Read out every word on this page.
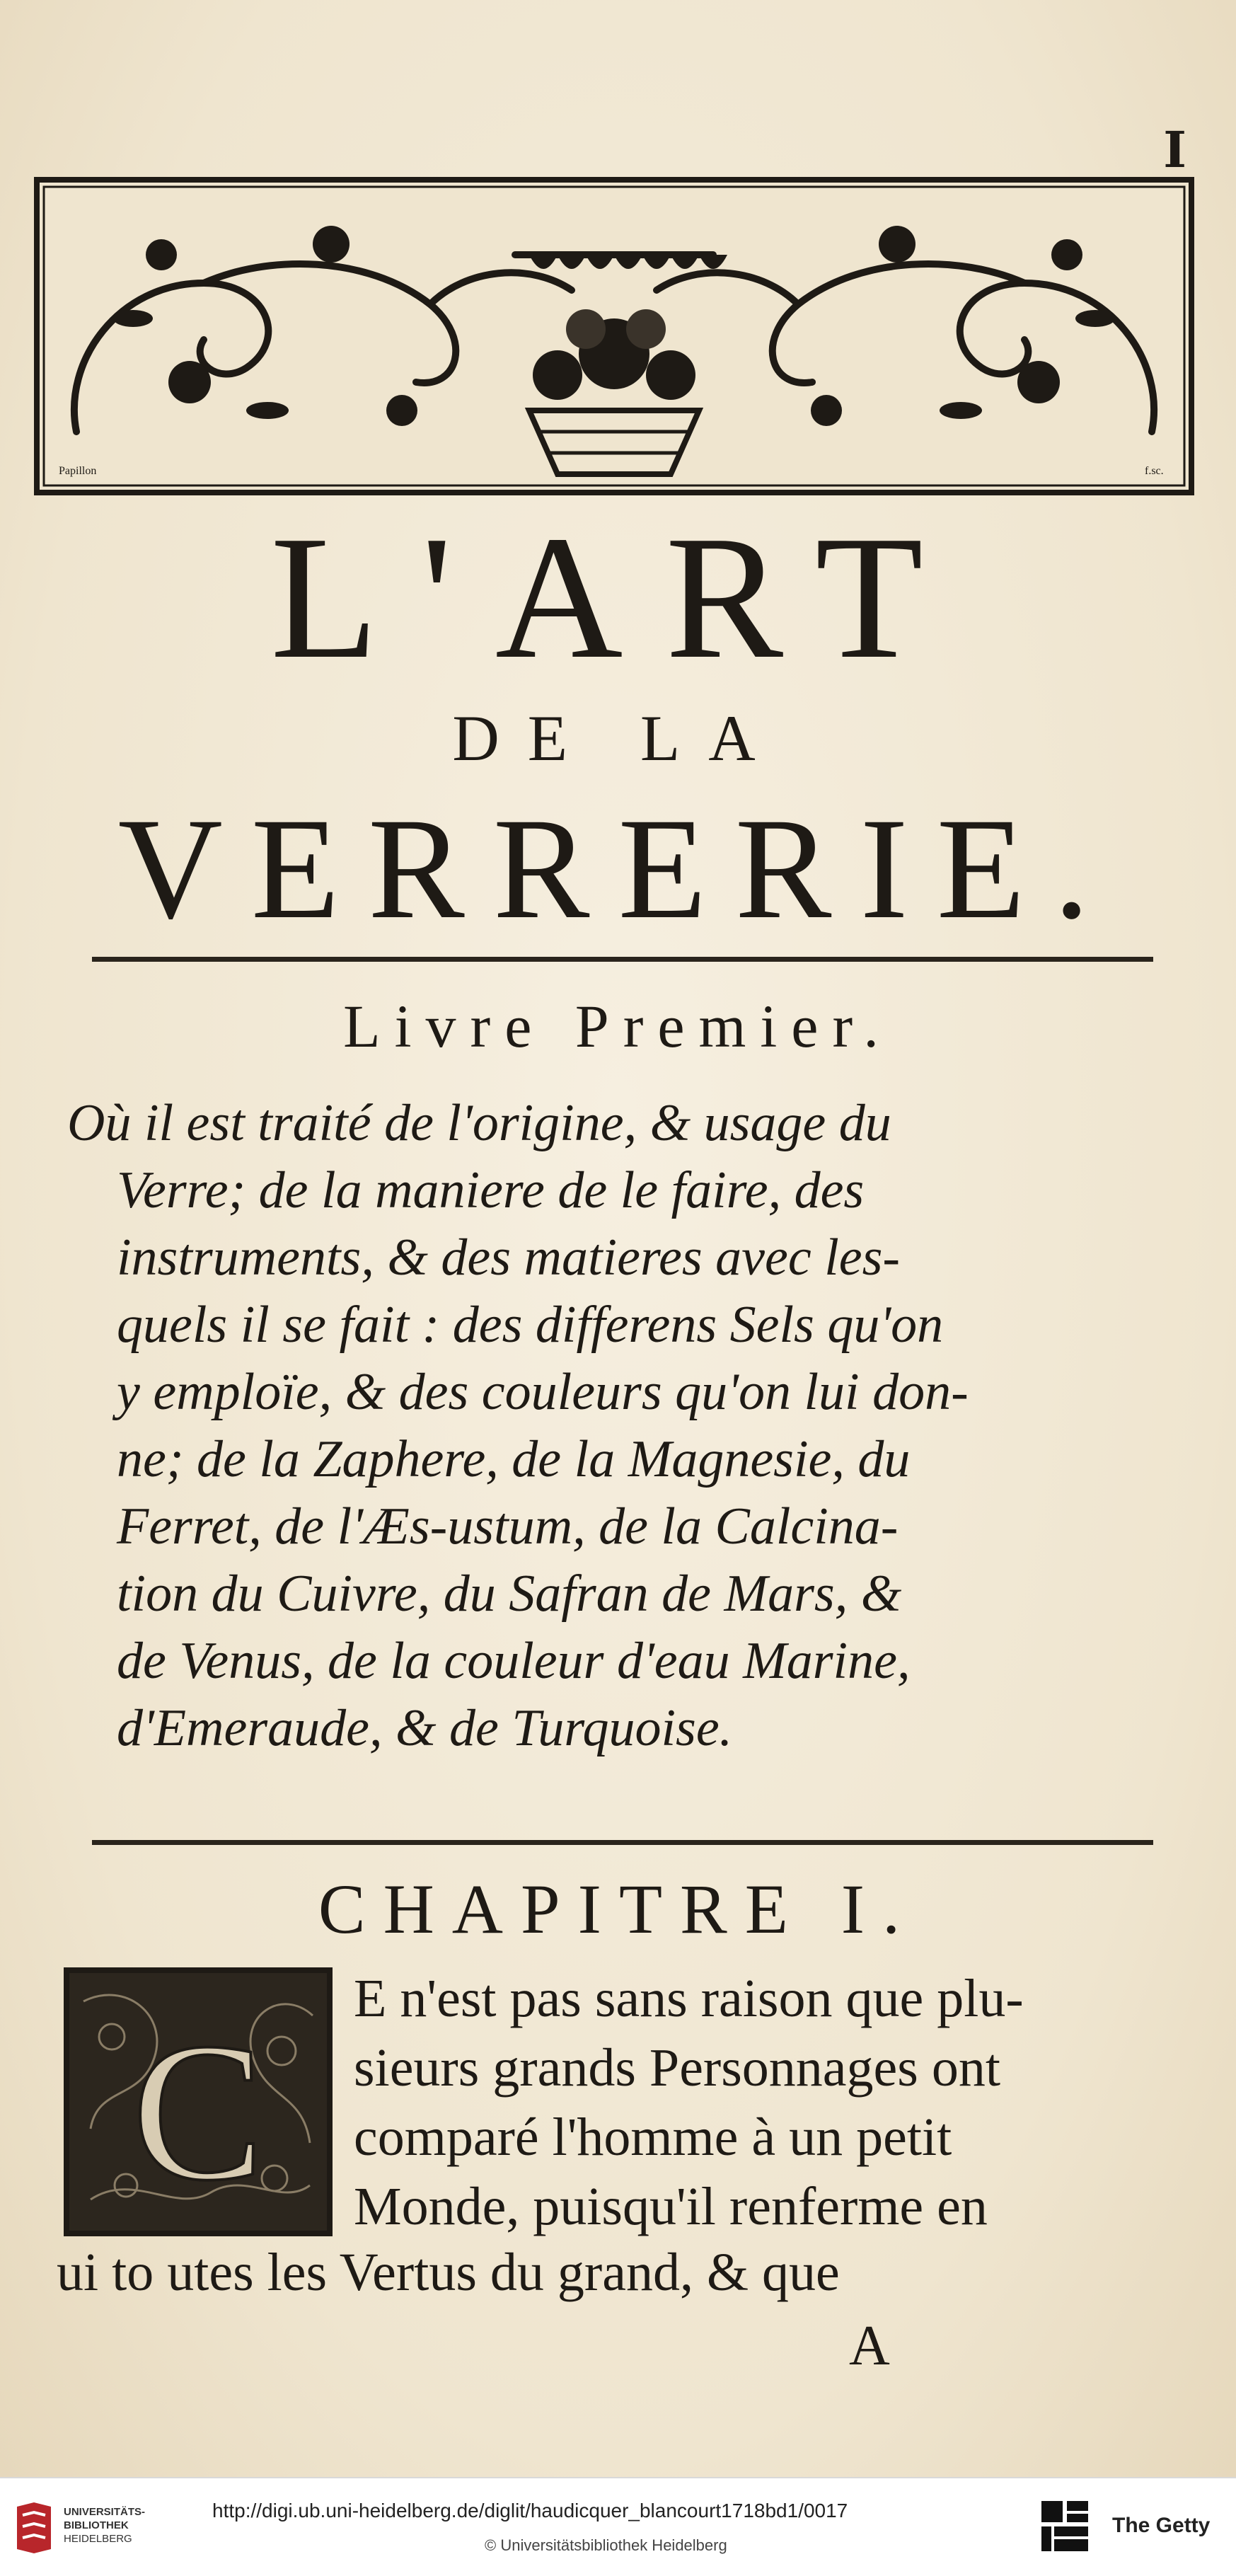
I
Papillon	f.sc.
L'ART
DE LA
VERRERIE.
Livre Premier.
Où il est traité de l'origine, & usage du
Verre; de la maniere de le faire, des
instruments, & des matieres avec les-
quels il se fait : des differens Sels qu'on
y emploïe, & des couleurs qu'on lui don-
ne; de la Zaphere, de la Magnesie, du
Ferret, de l'Æs-ustum, de la Calcina-
tion du Cuivre, du Safran de Mars, &
de Venus, de la couleur d'eau Marine,
d'Emeraude, & de Turquoise.
CHAPITRE I.
C
E n'est pas sans raison que plu-
sieurs grands Personnages ont
comparé l'homme à un petit
Monde, puisqu'il renferme en
ui to utes les Vertus du grand, & que
A
UNIVERSITÄTS-
BIBLIOTHEK
HEIDELBERG
http://digi.ub.uni-heidelberg.de/diglit/haudicquer_blancourt1718bd1/0017
© Universitätsbibliothek Heidelberg
The Getty
